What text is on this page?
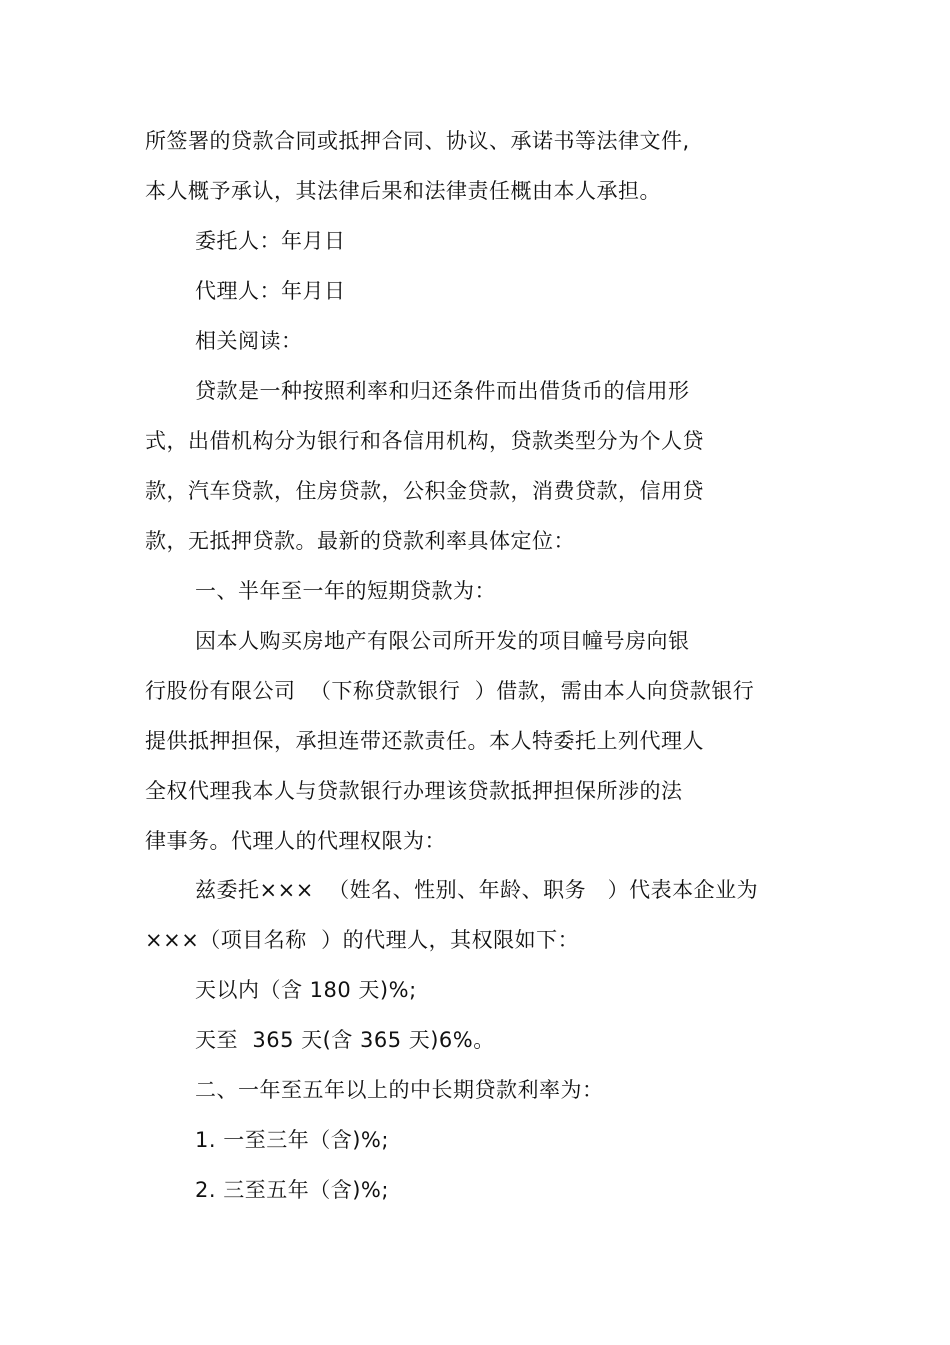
所签署的贷款合同或抵押合同、协议、承诺书等法律文件,
本人概予承认，其法律后果和法律责任概由本人承担。
委托人：年月日
代理人：年月日
相关阅读：
贷款是一种按照利率和归还条件而出借货币的信用形
式，出借机构分为银行和各信用机构，贷款类型分为个人贷
款，汽车贷款，住房贷款，公积金贷款，消费贷款，信用贷
款，无抵押贷款。最新的贷款利率具体定位：
一、半年至一年的短期贷款为：
因本人购买房地产有限公司所开发的项目幢号房向银
行股份有限公司  （下称贷款银行  ）借款，需由本人向贷款银行
提供抵押担保，承担连带还款责任。本人特委托上列代理人
全权代理我本人与贷款银行办理该贷款抵押担保所涉的法
律事务。代理人的代理权限为：
兹委托×××  （姓名、性别、年龄、职务   ）代表本企业为
×××（项目名称  ）的代理人，其权限如下：
天以内（含 180 天)%;
天至  365 天(含 365 天)6%。
二、一年至五年以上的中长期贷款利率为：
1. 一至三年（含)%;
2. 三至五年（含)%;
